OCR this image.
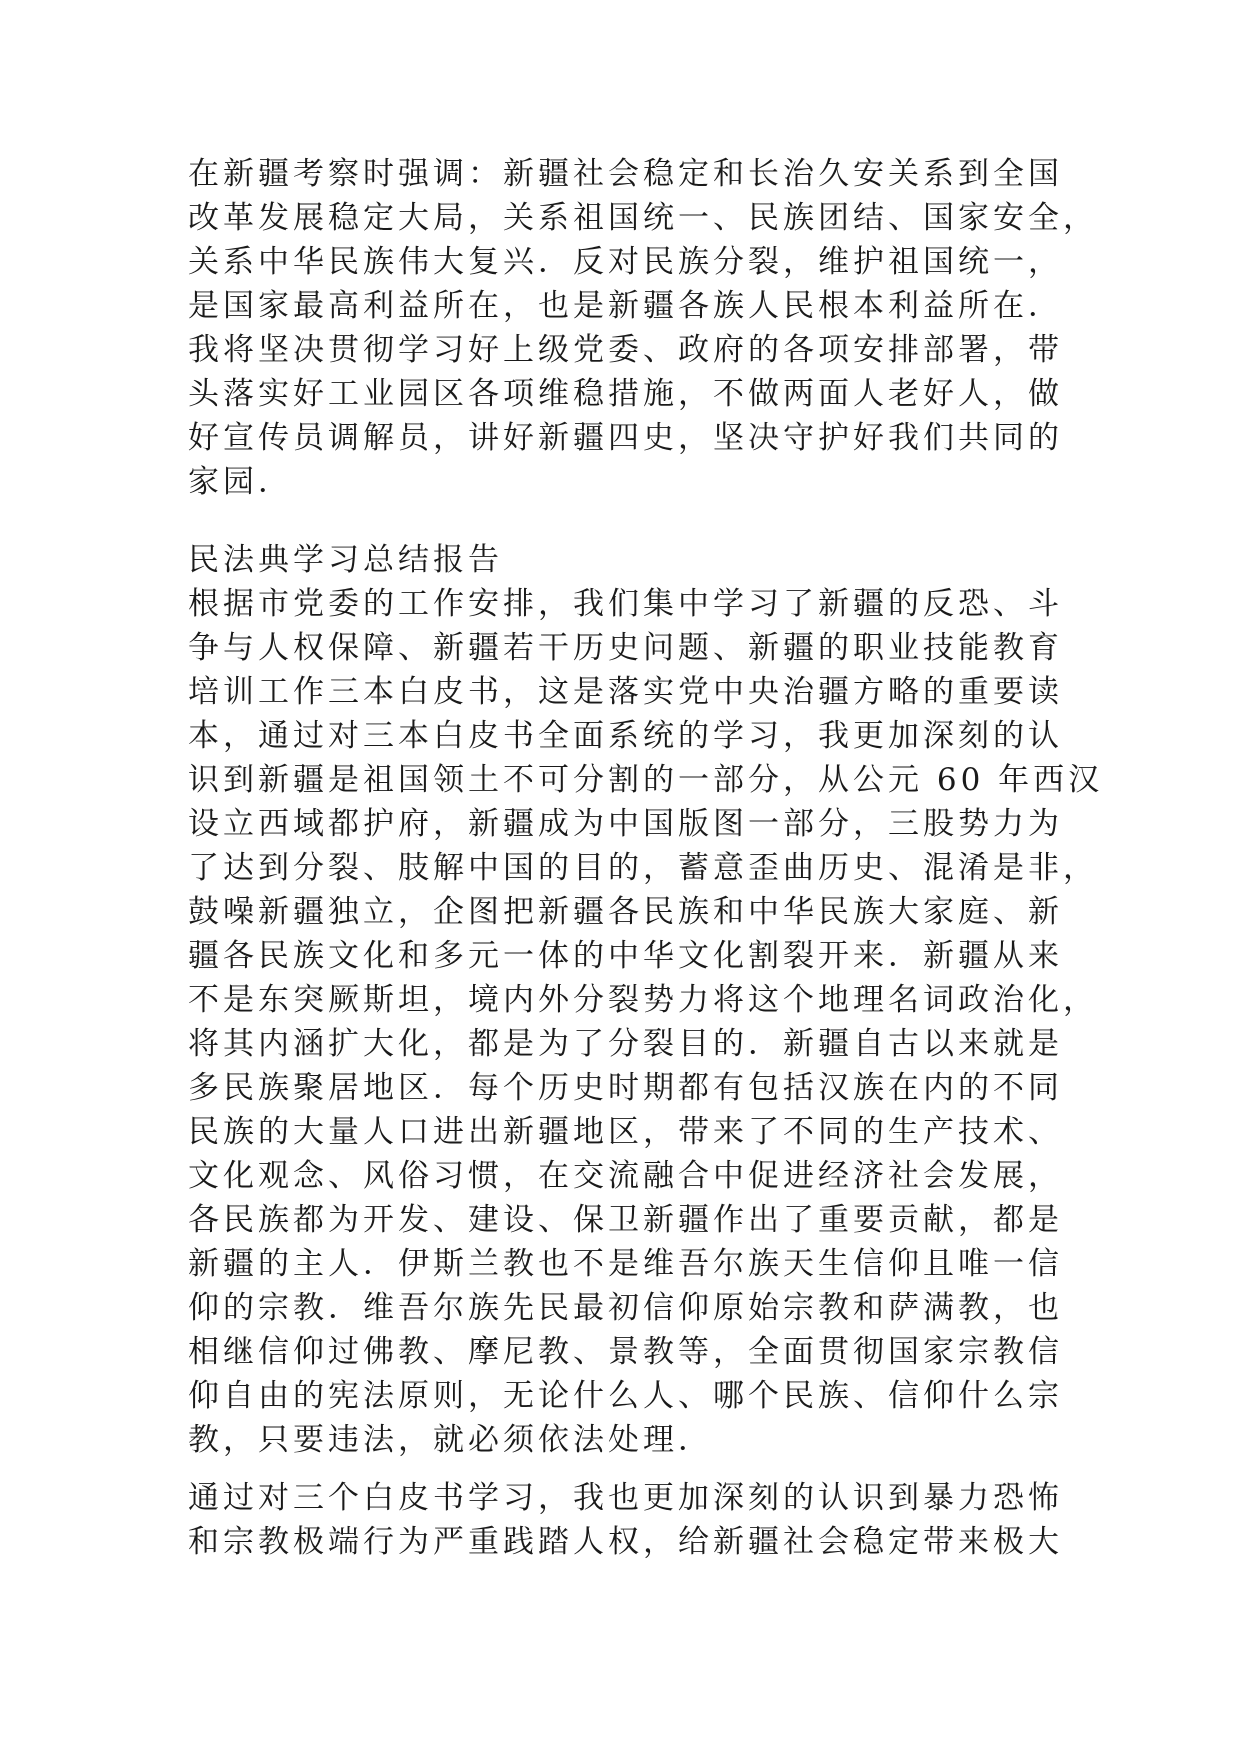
在新疆考察时强调：新疆社会稳定和长治久安关系到全国
改革发展稳定大局，关系祖国统一、民族团结、国家安全，
关系中华民族伟大复兴．反对民族分裂，维护祖国统一，
是国家最高利益所在，也是新疆各族人民根本利益所在．
我将坚决贯彻学习好上级党委、政府的各项安排部署，带
头落实好工业园区各项维稳措施，不做两面人老好人，做
好宣传员调解员，讲好新疆四史，坚决守护好我们共同的
家园．
民法典学习总结报告
根据市党委的工作安排，我们集中学习了新疆的反恐、斗
争与人权保障、新疆若干历史问题、新疆的职业技能教育
培训工作三本白皮书，这是落实党中央治疆方略的重要读
本，通过对三本白皮书全面系统的学习，我更加深刻的认
识到新疆是祖国领土不可分割的一部分，从公元 60 年西汉
设立西域都护府，新疆成为中国版图一部分，三股势力为
了达到分裂、肢解中国的目的，蓄意歪曲历史、混淆是非，
鼓噪新疆独立，企图把新疆各民族和中华民族大家庭、新
疆各民族文化和多元一体的中华文化割裂开来．新疆从来
不是东突厥斯坦，境内外分裂势力将这个地理名词政治化，
将其内涵扩大化，都是为了分裂目的．新疆自古以来就是
多民族聚居地区．每个历史时期都有包括汉族在内的不同
民族的大量人口进出新疆地区，带来了不同的生产技术、
文化观念、风俗习惯，在交流融合中促进经济社会发展，
各民族都为开发、建设、保卫新疆作出了重要贡献，都是
新疆的主人．伊斯兰教也不是维吾尔族天生信仰且唯一信
仰的宗教．维吾尔族先民最初信仰原始宗教和萨满教，也
相继信仰过佛教、摩尼教、景教等，全面贯彻国家宗教信
仰自由的宪法原则，无论什么人、哪个民族、信仰什么宗
教，只要违法，就必须依法处理．
通过对三个白皮书学习，我也更加深刻的认识到暴力恐怖
和宗教极端行为严重践踏人权，给新疆社会稳定带来极大
